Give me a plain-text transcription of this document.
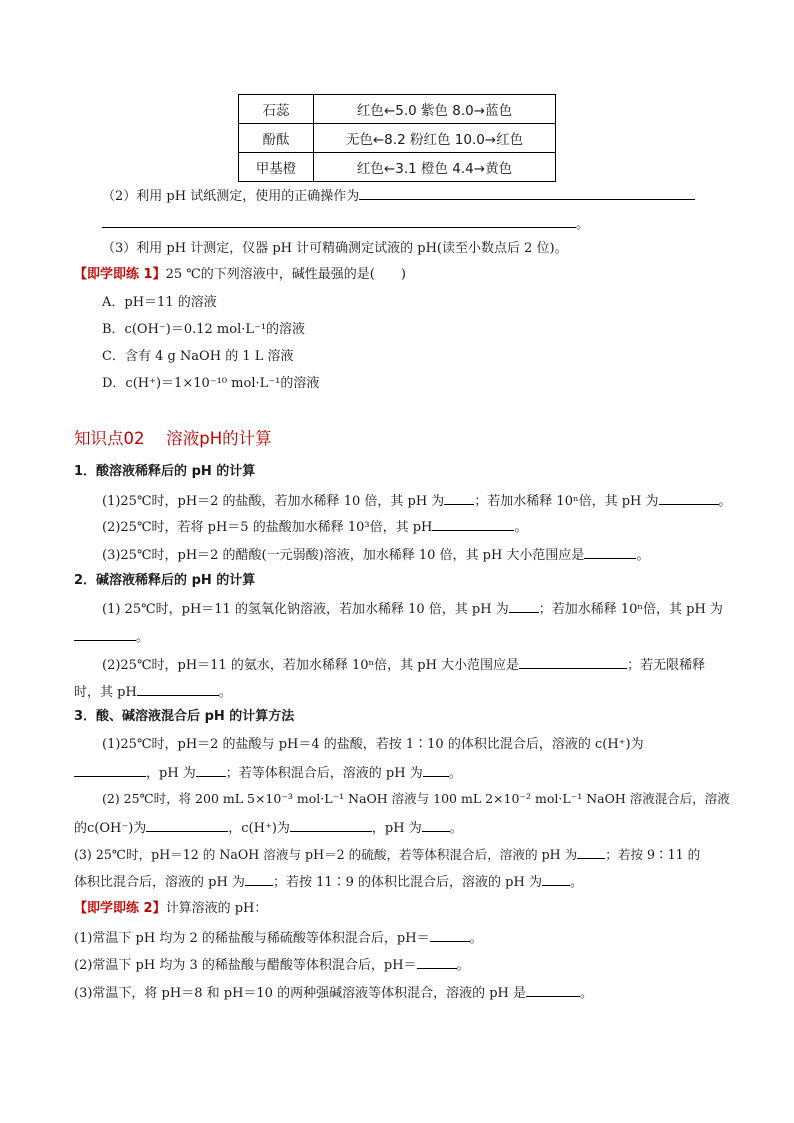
石蕊	红色←5.0 紫色 8.0→蓝色
酚酞	无色←8.2 粉红色 10.0→红色
甲基橙	红色←3.1 橙色 4.4→黄色
（2）利用 pH 试纸测定，使用的正确操作为
。
（3）利用 pH 计测定，仪器 pH 计可精确测定试液的 pH(读至小数点后 2 位)。
【即学即练 1】25 ℃的下列溶液中，碱性最强的是(　　)
A．pH＝11 的溶液
B．c(OH⁻)＝0.12 mol·L⁻¹的溶液
C．含有 4 g NaOH 的 1 L 溶液
D．c(H⁺)＝1×10⁻¹⁰ mol·L⁻¹的溶液
知识点02　 溶液pH的计算
1．酸溶液稀释后的 pH 的计算
(1)25℃时，pH＝2 的盐酸，若加水稀释 10 倍，其 pH 为 ；若加水稀释 10ⁿ倍，其 pH 为	。
(2)25℃时，若将 pH＝5 的盐酸加水稀释 10³倍，其 pH	。
(3)25℃时，pH＝2 的醋酸(一元弱酸)溶液，加水稀释 10 倍，其 pH 大小范围应是	。
2．碱溶液稀释后的 pH 的计算
(1) 25℃时，pH＝11 的氢氧化钠溶液，若加水稀释 10 倍，其 pH 为 ；若加水稀释 10ⁿ倍，其 pH 为
。
(2)25℃时，pH＝11 的氨水，若加水稀释 10ⁿ倍，其 pH 大小范围应是	；若无限稀释
时，其 pH	。
3．酸、碱溶液混合后 pH 的计算方法
(1)25℃时，pH＝2 的盐酸与 pH＝4 的盐酸，若按 1∶10 的体积比混合后，溶液的 c(H⁺)为
，pH 为 ；若等体积混合后，溶液的 pH 为 。
(2) 25℃时，将 200 mL 5×10⁻³ mol·L⁻¹ NaOH 溶液与 100 mL 2×10⁻² mol·L⁻¹ NaOH 溶液混合后，溶液
的c(OH⁻)为	，c(H⁺)为	，pH 为 。
(3) 25℃时，pH＝12 的 NaOH 溶液与 pH＝2 的硫酸，若等体积混合后，溶液的 pH 为 ；若按 9∶11 的
体积比混合后，溶液的 pH 为 ；若按 11∶9 的体积比混合后，溶液的 pH 为 。
【即学即练 2】计算溶液的 pH：
(1)常温下 pH 均为 2 的稀盐酸与稀硫酸等体积混合后，pH＝	。
(2)常温下 pH 均为 3 的稀盐酸与醋酸等体积混合后，pH＝	。
(3)常温下，将 pH＝8 和 pH＝10 的两种强碱溶液等体积混合，溶液的 pH 是	。
